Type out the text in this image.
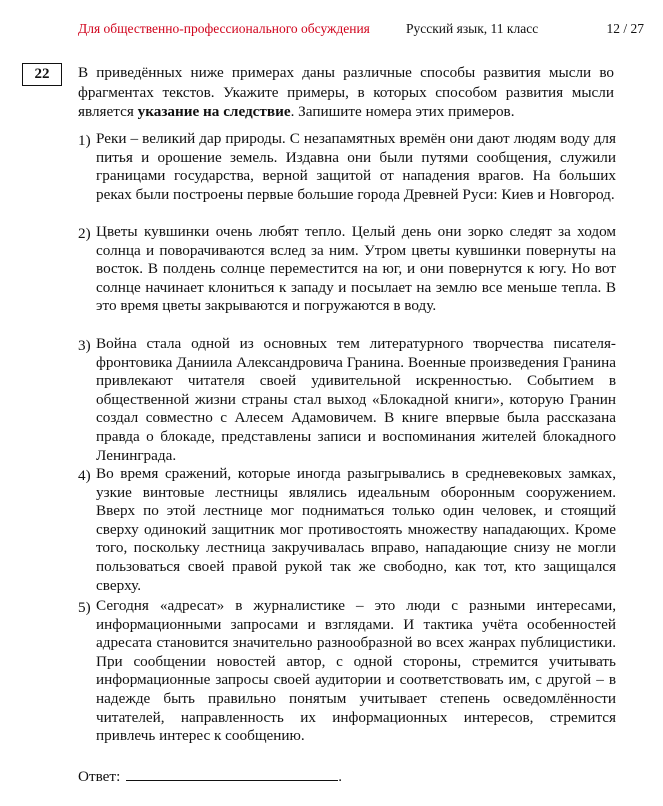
Для общественно-профессионального обсуждения	Русский язык, 11 класс	12 / 27
22	В приведённых ниже примерах даны различные способы развития мысли во фрагментах текстов. Укажите примеры, в которых способом развития мысли является указание на следствие. Запишите номера этих примеров.

1) Реки – великий дар природы. С незапамятных времён они дают людям воду для питья и орошение земель. Издавна они были путями сообщения, служили границами государства, верной защитой от нападения врагов. На больших реках были построены первые большие города Древней Руси: Киев и Новгород.

2) Цветы кувшинки очень любят тепло. Целый день они зорко следят за ходом солнца и поворачиваются вслед за ним. Утром цветы кувшинки повернуты на восток. В полдень солнце переместится на юг, и они повернутся к югу. Но вот солнце начинает клониться к западу и посылает на землю все меньше тепла. В это время цветы закрываются и погружаются в воду.

3) Война стала одной из основных тем литературного творчества писателя-фронтовика Даниила Александровича Гранина. Военные произведения Гранина привлекают читателя своей удивительной искренностью. Событием в общественной жизни страны стал выход «Блокадной книги», которую Гранин создал совместно с Алесем Адамовичем. В книге впервые была рассказана правда о блокаде, представлены записи и воспоминания жителей блокадного Ленинграда.

4) Во время сражений, которые иногда разыгрывались в средневековых замках, узкие винтовые лестницы являлись идеальным оборонным сооружением. Вверх по этой лестнице мог подниматься только один человек, и стоящий сверху одинокий защитник мог противостоять множеству нападающих. Кроме того, поскольку лестница закручивалась вправо, нападающие снизу не могли пользоваться своей правой рукой так же свободно, как тот, кто защищался сверху.

5) Сегодня «адресат» в журналистике – это люди с разными интересами, информационными запросами и взглядами. И тактика учёта особенностей адресата становится значительно разнообразной во всех жанрах публицистики. При сообщении новостей автор, с одной стороны, стремится учитывать информационные запросы своей аудитории и соответствовать им, с другой – в надежде быть правильно понятым учитывает степень осведомлённости читателей, направленность их информационных интересов, стремится привлечь интерес к сообщению.

Ответ:	.
